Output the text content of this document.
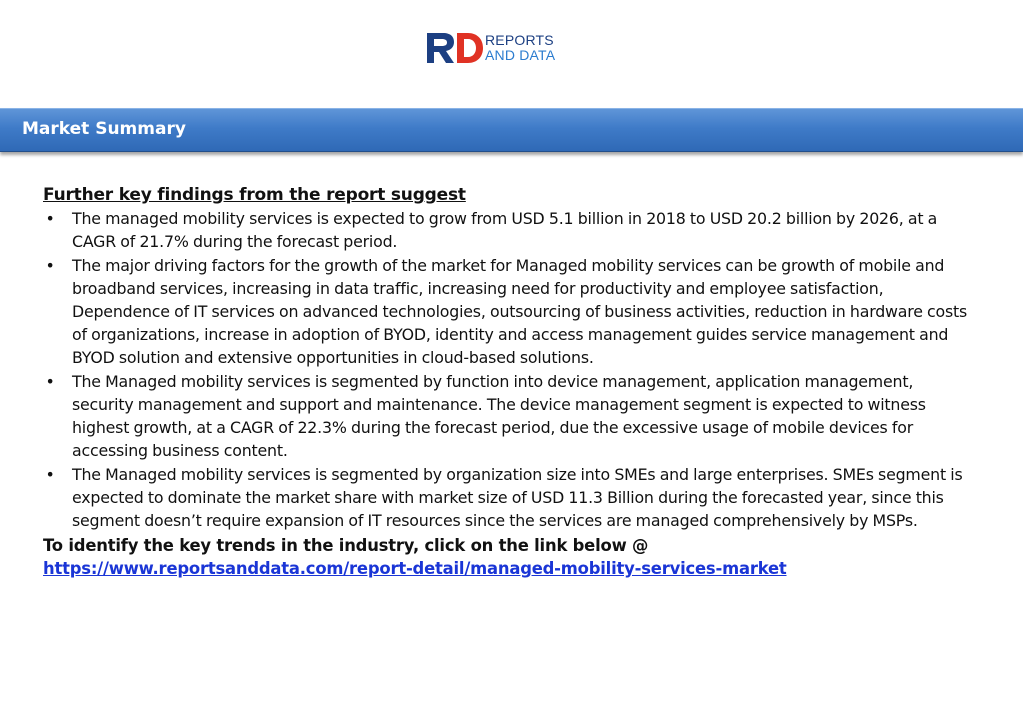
REPORTS
AND DATA
Market Summary
Further key findings from the report suggest
• The managed mobility services is expected to grow from USD 5.1 billion in 2018 to USD 20.2 billion by 2026, at a CAGR of 21.7% during the forecast period.
• The major driving factors for the growth of the market for Managed mobility services can be growth of mobile and broadband services, increasing in data traffic, increasing need for productivity and employee satisfaction, Dependence of IT services on advanced technologies, outsourcing of business activities, reduction in hardware costs of organizations, increase in adoption of BYOD, identity and access management guides service management and BYOD solution and extensive opportunities in cloud-based solutions.
• The Managed mobility services is segmented by function into device management, application management, security management and support and maintenance. The device management segment is expected to witness highest growth, at a CAGR of 22.3% during the forecast period, due the excessive usage of mobile devices for accessing business content.
• The Managed mobility services is segmented by organization size into SMEs and large enterprises. SMEs segment is expected to dominate the market share with market size of USD 11.3 Billion during the forecasted year, since this segment doesn’t require expansion of IT resources since the services are managed comprehensively by MSPs.
To identify the key trends in the industry, click on the link below @
https://www.reportsanddata.com/report-detail/managed-mobility-services-market
